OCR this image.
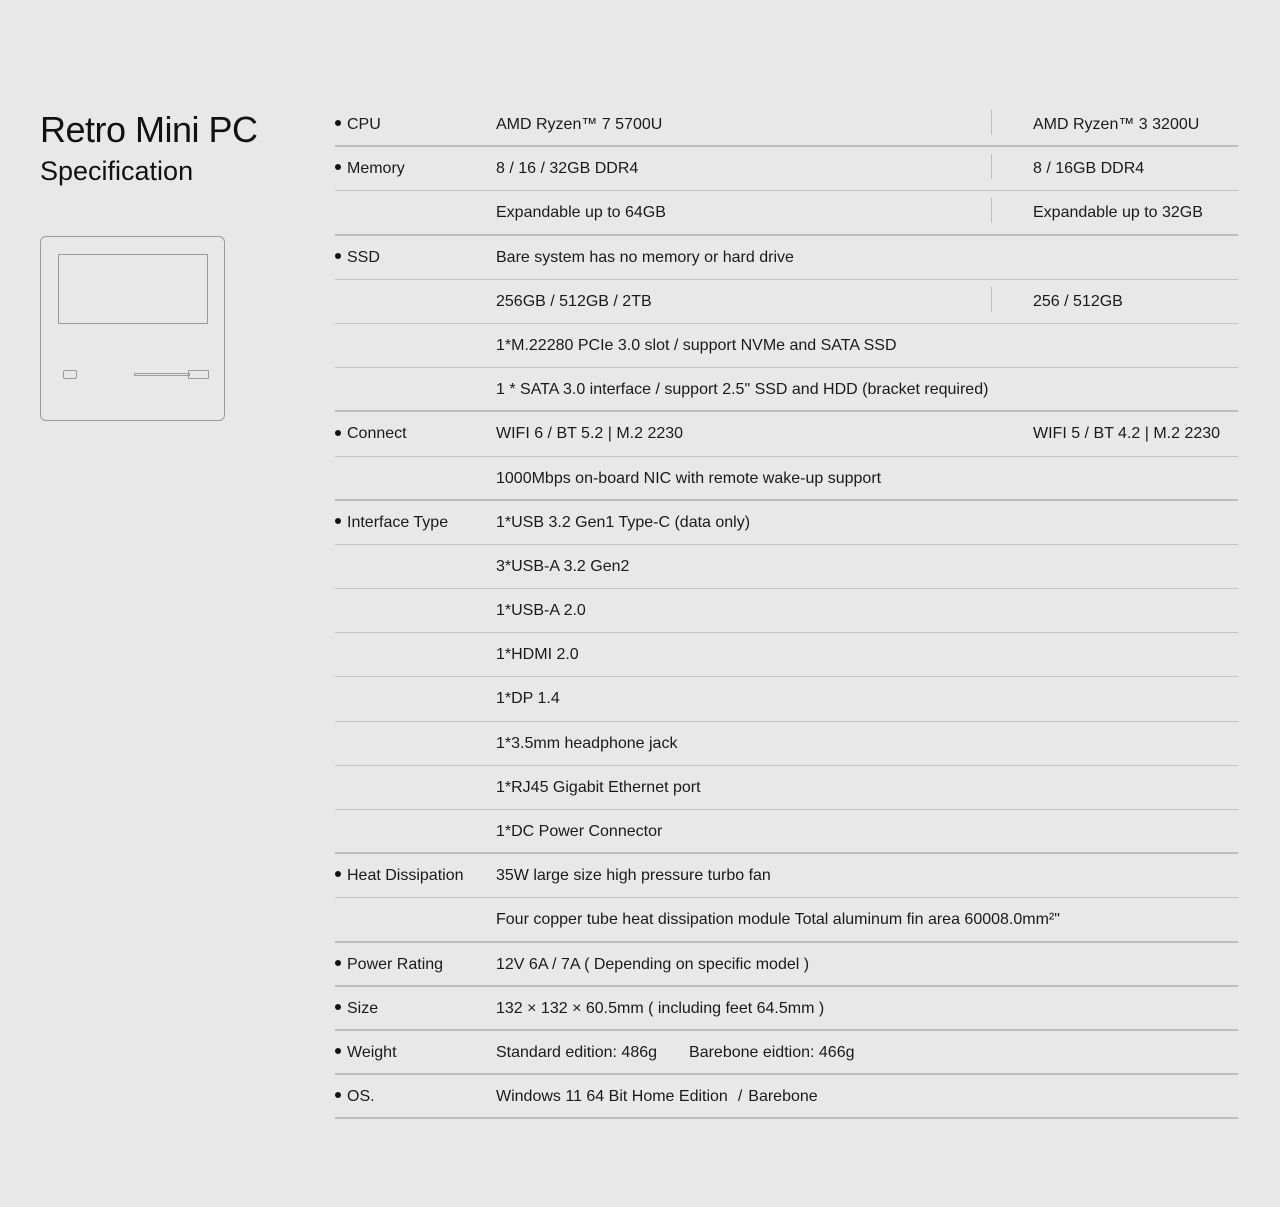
Retro Mini PC
Specification
CPU	AMD Ryzen™ 7 5700U	AMD Ryzen™ 3 3200U
Memory	8 / 16 / 32GB DDR4	8 / 16GB DDR4
Expandable up to 64GB	Expandable up to 32GB
SSD	Bare system has no memory or hard drive
256GB / 512GB / 2TB	256 / 512GB
1*M.22280 PCIe 3.0 slot / support NVMe and SATA SSD
1 * SATA 3.0 interface / support 2.5" SSD and HDD (bracket required)
Connect	WIFI 6 / BT 5.2 | M.2 2230	WIFI 5 / BT 4.2 | M.2 2230
1000Mbps on-board NIC with remote wake-up support
Interface Type	1*USB 3.2 Gen1 Type-C (data only)
3*USB-A 3.2 Gen2
1*USB-A 2.0
1*HDMI 2.0
1*DP 1.4
1*3.5mm headphone jack
1*RJ45 Gigabit Ethernet port
1*DC Power Connector
Heat Dissipation 35W large size high pressure turbo fan
Four copper tube heat dissipation module Total aluminum fin area 60008.0mm²"
Power Rating	12V 6A / 7A ( Depending on specific model )
Size	132 × 132 × 60.5mm ( including feet 64.5mm )
Weight	Standard edition: 486g Barebone eidtion: 466g
OS.	Windows 11 64 Bit Home Edition / Barebone
